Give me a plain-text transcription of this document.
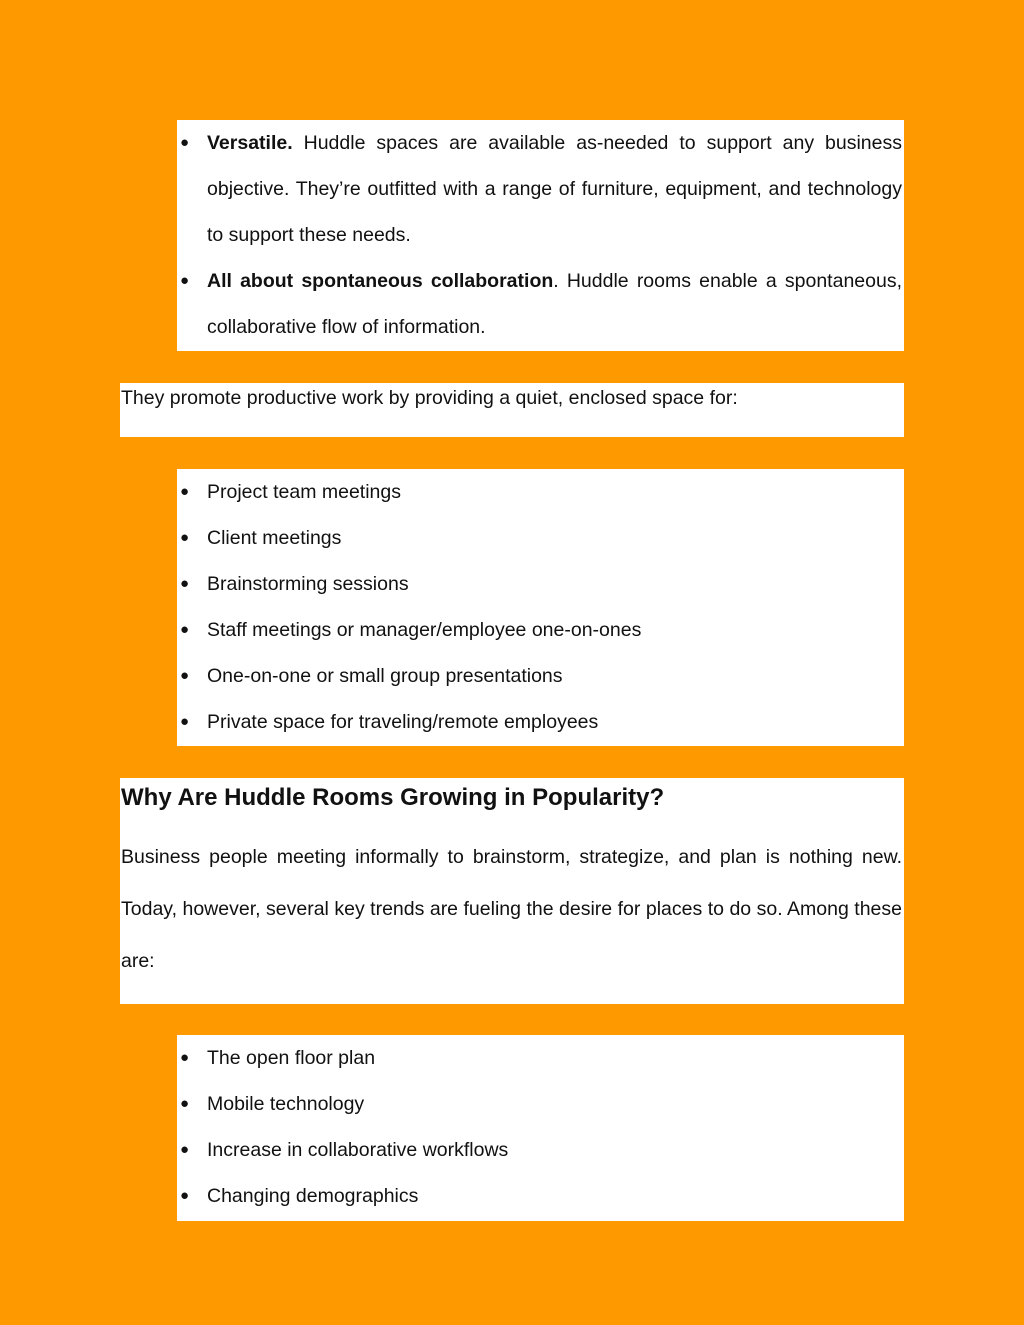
● Versatile. Huddle spaces are available as-needed to support any business objective. They’re outfitted with a range of furniture, equipment, and technology to support these needs.
● All about spontaneous collaboration. Huddle rooms enable a spontaneous, collaborative flow of information.

They promote productive work by providing a quiet, enclosed space for:

● Project team meetings
● Client meetings
● Brainstorming sessions
● Staff meetings or manager/employee one-on-ones
● One-on-one or small group presentations
● Private space for traveling/remote employees
Why Are Huddle Rooms Growing in Popularity?

Business people meeting informally to brainstorm, strategize, and plan is nothing new. Today, however, several key trends are fueling the desire for places to do so. Among these are:

● The open floor plan
● Mobile technology
● Increase in collaborative workflows
● Changing demographics
